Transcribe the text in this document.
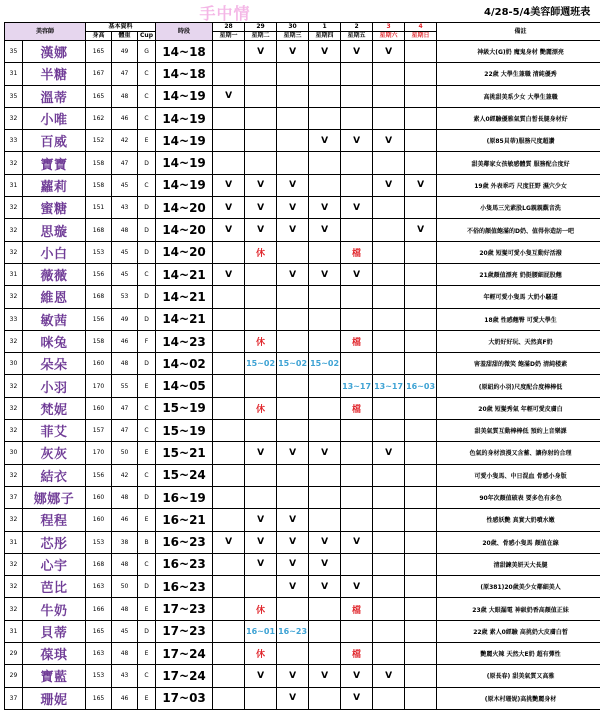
手中情	4/28-5/4美容師週班表
美容師		基本資料			時段	28	29	30	1	2	3	4	備註
		身高	體重	Cup		星期一	星期二	星期三	星期四	星期五	星期六	星期日	
35	漢娜	165	49	G	14~18		V	V	V	V	V		神級大(G)奶 魔鬼身材 艷麗漂亮
31	半糖	167	47	C	14~18								22歲 大學生兼職 清純優秀
35	溫蒂	165	48	C	14~19	V							高挑甜美系少女 大學生兼職
32	小唯	162	46	C	14~19								素人0經驗優雅氣質白皙長腿身材好
33	百威	152	42	E	14~19				V	V	V		(原85貝蒂)服務尺度超讚
32	寶寶	158	47	D	14~19								甜美鄰家女孩敏感體質 服務配合度好
31	蘿莉	158	45	C	14~19	V	V	V			V	V	19歲 外表乖巧 尺度狂野 濕穴少女
32	蜜糖	151	43	D	14~20	V	V	V	V	V			小隻馬三光素股LG親親觀音洗
32	思璇	168	48	D	14~20	V	V	V	V			V	不俗的顏值飽滿的D奶、值得你造訪一吧
32	小白	153	45	D	14~20		休			檔			20歲 短髮可愛小隻互動好活潑
31	薇薇	156	45	C	14~21	V		V	V	V			21歲顏值漂亮 奶挺腰細屁股翹
32	維恩	168	53	D	14~21								年輕可愛小隻馬 大奶小騷逼
33	敏茜	156	49	D	14~21								18歲 性感翹臀 可愛大學生
32	咪兔	158	46	F	14~23		休			檔			大奶好好玩、天然真F奶
30	朵朵	160	48	D	14~02		15~02	15~02	15~02				害羞甜甜的微笑 飽滿D奶 清純楼素
32	小羽	170	55	E	14~05					13~17	13~17	16~03	(原紐約小羽)尺度配合度棒棒低
32	梵妮	160	47	C	15~19		休			檔			20歲 短髮秀氣 年輕可愛皮膚白
32	菲艾	157	47	C	15~19								甜美氣質互動棒棒低 預約上音樂課
30	灰灰	170	50	E	15~21		V	V	V		V		色氣的身材浪漫又含蓄、讓你射的合理
32	結衣	156	42	C	15~24								可愛小隻馬、中日混血 骨感小身版
37	娜娜子	160	48	D	16~19								90年次顏值破表 要多色有多色
32	程程	160	46	E	16~21		V	V					性感妖艷 真實大奶噴水嫩
31	芯彤	153	38	B	16~23	V	V	V	V	V			20歲、骨感小隻馬 顏值在線
32	心宇	168	48	C	16~23		V	V	V				清甜鍊美妍天大長腿
32	芭比	163	50	D	16~23			V	V	V			(原381)20歲美少女鄰細美人
32	牛奶	166	48	E	17~23		休			檔			23歲 大眼漏電 神級奶香高顏值正妹
31	貝蒂	165	45	D	17~23		16~01	16~23					22歲 素人0經驗 高挑奶大皮膚白皙
29	葆琪	163	48	E	17~24		休			檔			艷麗火辣 天然大E奶 超有彈性
29	寶藍	153	43	C	17~24		V	V	V	V	V		(原長春) 甜美氣質又高雅
37	珊妮	165	46	E	17~03			V		V			(原木村珊妮)高挑艷麗身材
